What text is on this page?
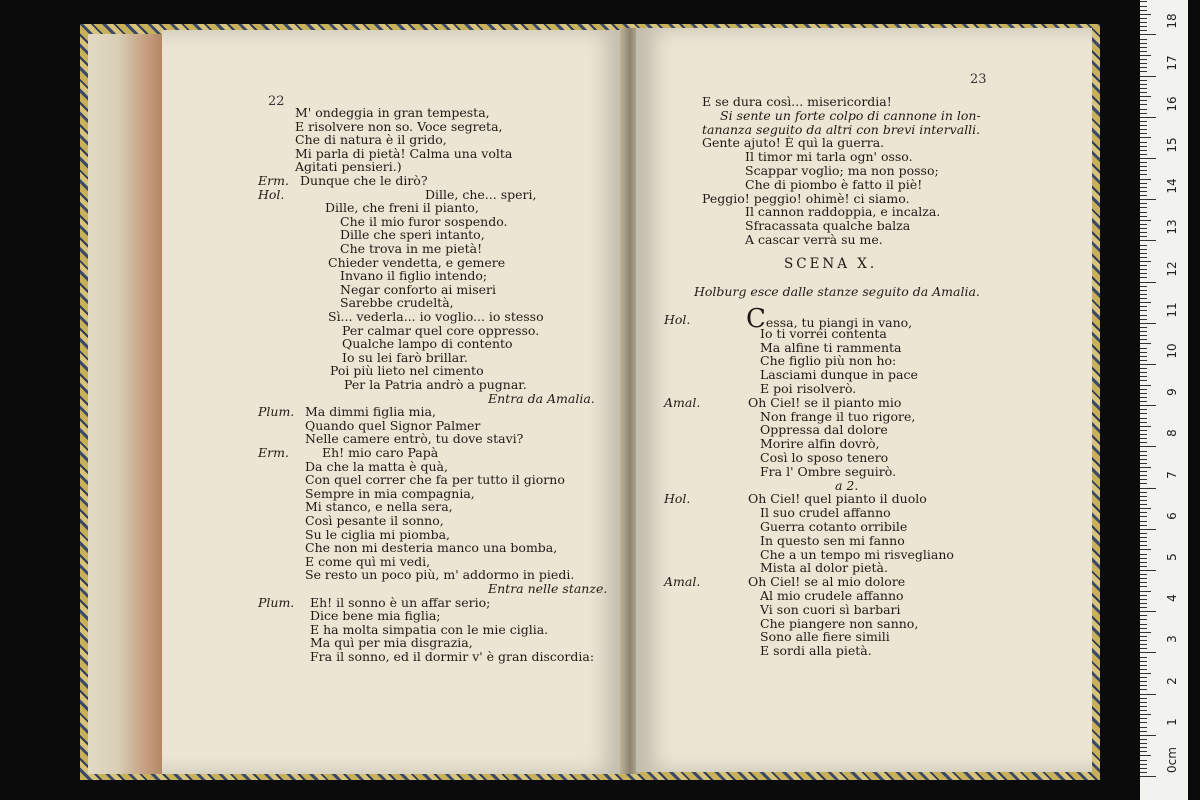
22
23
M' ondeggia in gran tempesta,
E risolvere non so. Voce segreta,
Che di natura è il grido,
Mi parla di pietà! Calma una volta
Agitati pensieri.)
Erm. Dunque che le dirò?
Hol.	Dille, che... speri,
Dille, che freni il pianto,
Che il mio furor sospendo.
Dille che speri intanto,
Che trova in me pietà!
Chieder vendetta, e gemere
Invano il figlio intendo;
Negar conforto ai miseri
Sarebbe crudeltà,
Sì... vederla... io voglio... io stesso
Per calmar quel core oppresso.
Qualche lampo di contento
Io su lei farò brillar.
Poi più lieto nel cimento
Per la Patria andrò a pugnar.
Entra da Amalia.
Plum. Ma dimmi figlia mia,
Quando quel Signor Palmer
Nelle camere entrò, tu dove stavi?
Erm.	Eh! mio caro Papà
Da che la matta è quà,
Con quel correr che fa per tutto il giorno
Sempre in mia compagnia,
Mi stanco, e nella sera,
Così pesante il sonno,
Su le ciglia mi piomba,
Che non mi desteria manco una bomba,
E come quì mi vedi,
Se resto un poco più, m' addormo in piedi.
Entra nelle stanze.
Plum. Eh! il sonno è un affar serio;
Dice bene mia figlia;
E ha molta simpatia con le mie ciglia.
Ma quì per mia disgrazia,
Fra il sonno, ed il dormir v' è gran discordia:
E se dura così... misericordia!
Si sente un forte colpo di cannone in lon-
tananza seguito da altri con brevi intervalli.
Gente ajuto! È quì la guerra.
Il timor mi tarla ogn' osso.
Scappar voglio; ma non posso;
Che di piombo è fatto il piè!
Peggio! peggio! ohimè! ci siamo.
Il cannon raddoppia, e incalza.
Sfracassata qualche balza
A cascar verrà su me.
Hol. Cessa, tu piangi in vano,
Io ti vorrei contenta
Ma alfine ti rammenta
Che figlio più non ho:
Lasciami dunque in pace
E poi risolverò.
Amal.	Oh Ciel! se il pianto mio
Non frange il tuo rigore,
Oppressa dal dolore
Morire alfin dovrò,
Così lo sposo tenero
Fra l' Ombre seguirò.
a 2.
Hol.	Oh Ciel! quel pianto il duolo
Il suo crudel affanno
Guerra cotanto orribile
In questo sen mi fanno
Che a un tempo mi risvegliano
Mista al dolor pietà.
Amal.	Oh Ciel! se al mio dolore
Al mio crudele affanno
Vi son cuori sì barbari
Che piangere non sanno,
Sono alle fiere simili
E sordi alla pietà.
SCENA X.
Holburg esce dalle stanze seguito da Amalia.
0cm
1
2
3
4
5
6
7
8
9
10
11
12
13
14
15
16
17
18
